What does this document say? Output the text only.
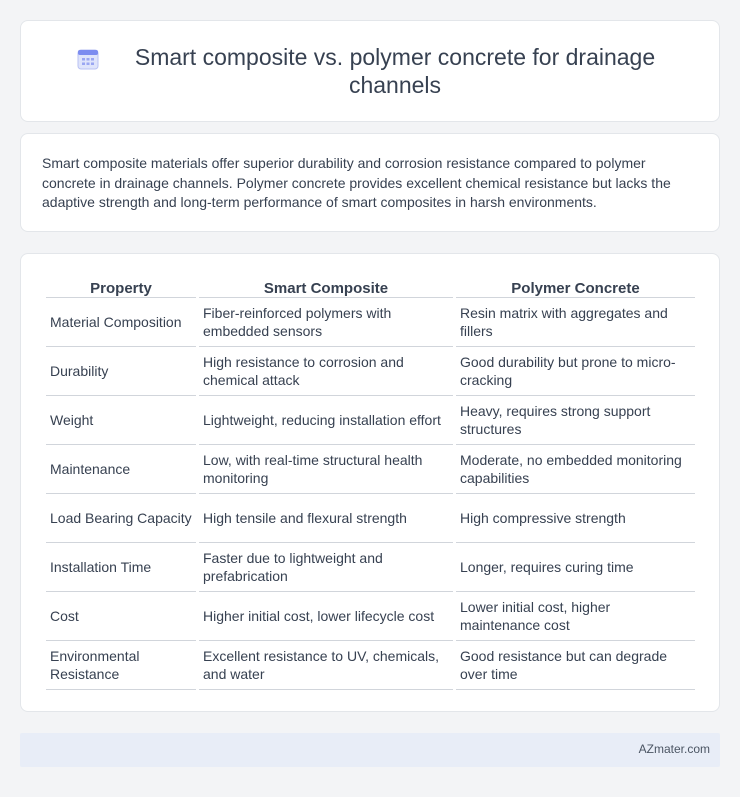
Smart composite vs. polymer concrete for drainage channels

Smart composite materials offer superior durability and corrosion resistance compared to polymer concrete in drainage channels. Polymer concrete provides excellent chemical resistance but lacks the adaptive strength and long-term performance of smart composites in harsh environments.

Property	Smart Composite	Polymer Concrete
Material Composition	Fiber-reinforced polymers with embedded sensors	Resin matrix with aggregates and fillers
Durability	High resistance to corrosion and chemical attack	Good durability but prone to micro-cracking
Weight	Lightweight, reducing installation effort	Heavy, requires strong support structures
Maintenance	Low, with real-time structural health monitoring	Moderate, no embedded monitoring capabilities
Load Bearing Capacity	High tensile and flexural strength	High compressive strength
Installation Time	Faster due to lightweight and prefabrication	Longer, requires curing time
Cost	Higher initial cost, lower lifecycle cost	Lower initial cost, higher maintenance cost
Environmental Resistance	Excellent resistance to UV, chemicals, and water	Good resistance but can degrade over time
AZmater.com
